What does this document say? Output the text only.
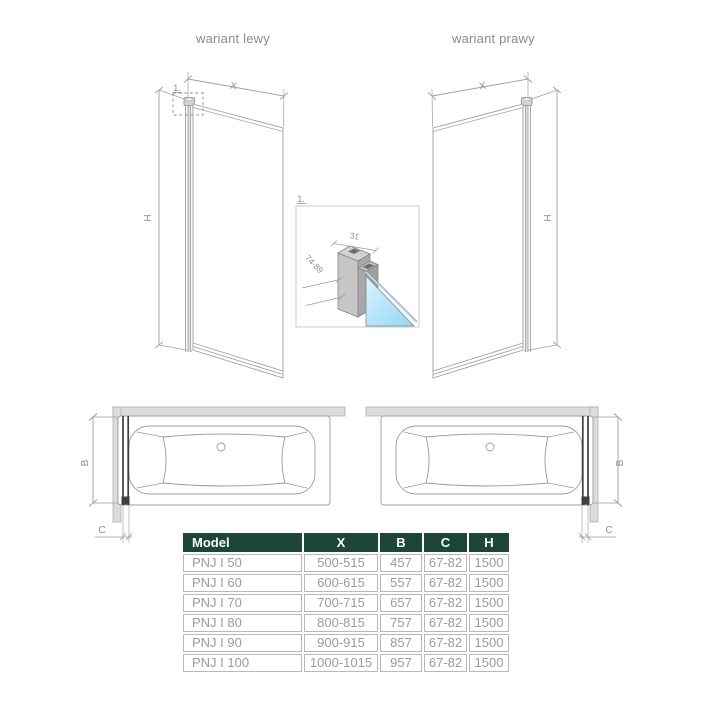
wariant lewy	wariant prawy
1.	X
H
X
H
1.
31
74-89
B
C
B
C
Model	X	B	C	H
PNJ I 50	500-515	457	67-82	1500
PNJ I 60	600-615	557	67-82	1500
PNJ I 70	700-715	657	67-82	1500
PNJ I 80	800-815	757	67-82	1500
PNJ I 90	900-915	857	67-82	1500
PNJ I 100	1000-1015	957	67-82	1500
